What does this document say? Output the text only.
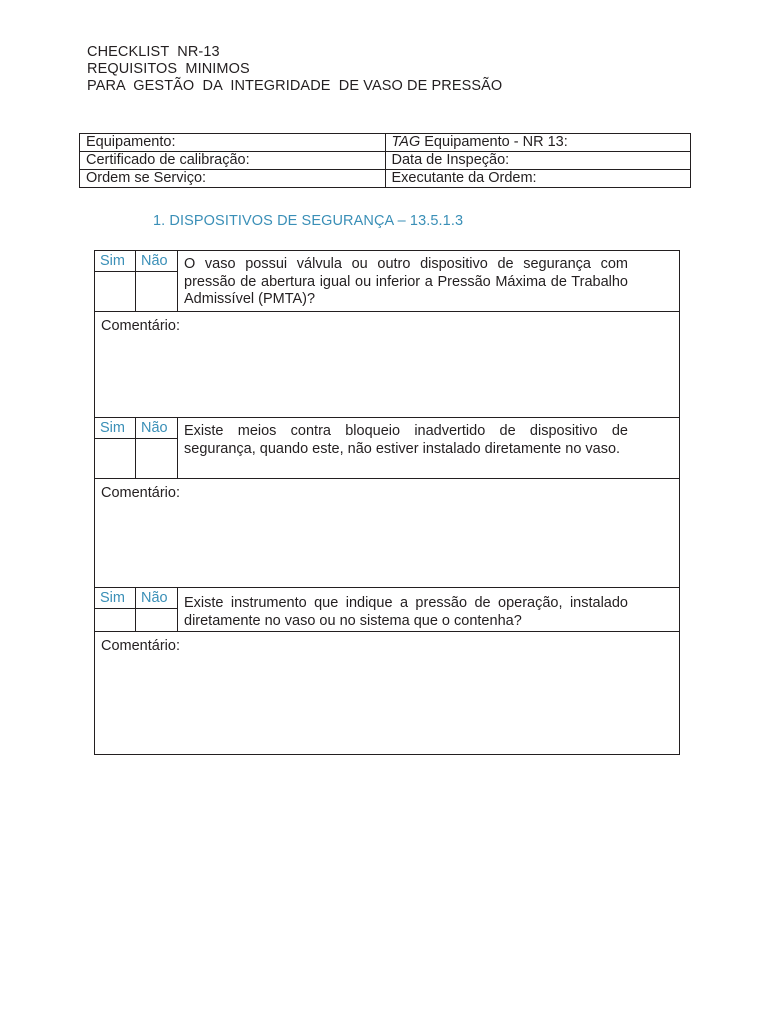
CHECKLIST  NR-13
REQUISITOS  MINIMOS
PARA  GESTÃO  DA  INTEGRIDADE  DE VASO DE PRESSÃO
Equipamento:	TAG Equipamento - NR 13:
Certificado de calibração:	Data de Inspeção:
Ordem se Serviço:	Executante da Ordem:
1. DISPOSITIVOS DE SEGURANÇA – 13.5.1.3
Sim	Não	O vaso possui válvula ou outro dispositivo de segurança com pressão de abertura igual ou inferior a Pressão Máxima de Trabalho Admissível (PMTA)?
Comentário:
Sim	Não	Existe meios contra bloqueio inadvertido de dispositivo de segurança, quando este, não estiver instalado diretamente no vaso.
Comentário:
Sim	Não	Existe instrumento que indique a pressão de operação, instalado diretamente no vaso ou no sistema que o contenha?
Comentário:
